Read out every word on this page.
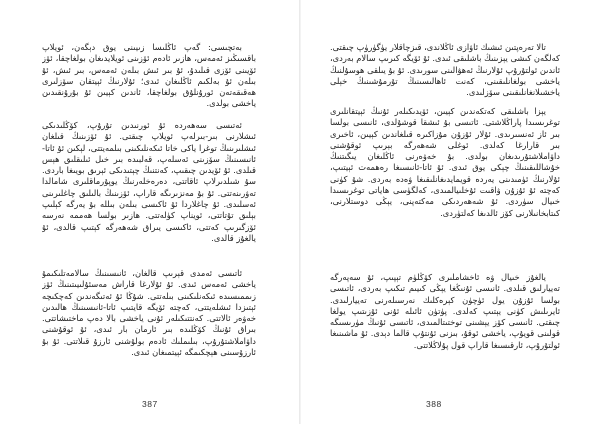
بەتچىسى: گەپ ئاڭلىسا زىيىنى يوق دېگەن، ئويلاپ باقسىڭىز ئەمەس، ھازىر ئادەم ئۆزىنى ئويلايدىغان بولغاچقا، ئۆز ئۆيىنى ئۆزى قىلىدۇ، ئۇ بىر ئىش بىلەن ئەمەس، بىر ئىش، ئۇ بىلەن ئۇ بەلكىم ئاڭلىغان ئىدى؛ ئۇلارنىڭ ئېيتقان سۆزلىرى ھەقىقەتەن ئورۇنلۇق بولغاچقا، ئاندىن كېيىن ئۇ بۇرۇنقىدىن ياخشى بولدى.

ئەتىسى سەھەردە ئۇ ئورنىدىن تۇرۇپ، كۆڭلىدىكى ئىشلارنى بىر-بىرلەپ ئويلاپ چىقتى. ئۇ ئۆزىنىڭ قىلغان ئىشلىرىنىڭ توغرا ياكى خاتا ئىكەنلىكىنى بىلمەيتتى، لېكىن ئۇ ئاتا-ئانىسىنىڭ سۆزىنى ئەسلەپ، قەلبىدە بىر خىل ئىلىقلىق ھېس قىلدى. ئۇ ئۆيدىن چىقىپ، كەنتنىڭ چېتىدىكى ئېرىق بويىغا باردى. سۇ شىلدىرلاپ ئاقاتتى، دەرەخلەرنىڭ يوپۇرماقلىرى شامالدا تەۋرىنەتتى. ئۇ بۇ مەنزىرىگە قاراپ، ئۆزىنىڭ بالىلىق چاغلىرىنى ئەسلىدى. ئۇ چاغلاردا ئۇ ئاكىسى بىلەن بىللە بۇ يەرگە كېلىپ بېلىق تۇتاتتى، ئويناپ كۈلەتتى. ھازىر بولسا ھەممە نەرسە ئۆزگىرىپ كەتتى، ئاكىسى يىراق شەھەرگە كېتىپ قالدى، ئۇ يالغۇز قالدى.

ئاتىسى ئەمدى قېرىپ قالغان، ئانىسىنىڭ سالامەتلىكىمۇ ياخشى ئەمەس ئىدى. ئۇ ئۇلارغا قاراش مەسئۇلىيىتىنىڭ ئۆز زىممىسىدە ئىكەنلىكىنى بىلەتتى. شۇڭا ئۇ ئەتىگەندىن كەچكىچە ئېتىزدا ئىشلەيتتى، كەچتە ئۆيگە قايتىپ ئاتا-ئانىسىنىڭ ھالىدىن خەۋەر ئالاتتى. كەنتتىكىلەر ئۇنى ياخشى بالا دەپ ماختىشاتتى. بىراق ئۇنىڭ كۆڭلىدە بىر ئارمان بار ئىدى، ئۇ ئوقۇشنى داۋاملاشتۇرۇپ، بىلىملىك ئادەم بولۇشنى ئارزۇ قىلاتتى. ئۇ بۇ ئارزۇسىنى ھېچكىمگە ئېيتمىغان ئىدى.

387

تالا تەرەپتىن ئىشىك ئاۋازى ئاڭلاندى، قىزچاقلار يۈگۈرۈپ چىقتى. كەلگەن كىشى يېزىنىڭ باشلىقى ئىدى. ئۇ ئۆيگە كىرىپ سالام بەردى، ئاندىن ئولتۇرۇپ ئۇلارنىڭ ئەھۋالىنى سورىدى. ئۇ بۇ يىلقى ھوسۇلنىڭ ياخشى بولغانلىقىنى، كەنت ئاھالىسىنىڭ تۇرمۇشىنىڭ خېلى ياخشىلانغانلىقىنى سۆزلىدى.

يېزا باشلىقى كەتكەندىن كېيىن، ئۆيدىكىلەر ئۇنىڭ ئېيتقانلىرى توغرىسىدا پاراڭلاشتى. ئاتىسى بۇ ئىشقا قوشۇلدى، ئانىسى بولسا بىر ئاز ئەنسىرىدى. ئۇلار ئۇزۇن مۇزاكىرە قىلغاندىن كېيىن، ئاخىرى بىر قارارغا كەلدى. ئوغلى شەھەرگە بېرىپ ئوقۇشنى داۋاملاشتۇرىدىغان بولدى. بۇ خەۋەرنى ئاڭلىغان يىگىتنىڭ خۇشاللىقىنىڭ چېكى يوق ئىدى. ئۇ ئاتا-ئانىسىغا رەھمەت ئېيتىپ، ئۇلارنىڭ ئۈمىدىنى يەردە قويمايدىغانلىقىغا ۋەدە بەردى. شۇ كۈنى كەچتە ئۇ ئۇزۇن ۋاقىت ئۇخلىيالمىدى، كەلگۈسى ھاياتى توغرىسىدا خىيال سۈردى. ئۇ شەھەردىكى مەكتەپنى، يېڭى دوستلارنى، كىتابخانىلارنى كۆز ئالدىغا كەلتۈردى.

يالغۇز خىيال ۋە ئاخشاملىرى كۆڭلۈم تېپىپ، ئۇ سەپەرگە تەييارلىق قىلدى. ئانىسى ئۇنىڭغا يېڭى كىيىم تىكىپ بەردى، ئاتىسى بولسا ئۇزۇن يول ئۈچۈن كېرەكلىك نەرسىلەرنى تەييارلىدى. ئايرىلىش كۈنى يېتىپ كەلدى. پۈتۈن ئائىلە ئۇنى ئۇزىتىپ يولغا چىقتى. ئانىسى كۆز يېشىنى توختىتالمىدى، ئاتىسى ئۇنىڭ مۈرىسىگە قولىنى قويۇپ، ياخشى ئوقۇ، بىزنى ئۇنتۇپ قالما دېدى. ئۇ ماشىنىغا ئولتۇرۇپ، ئارقىسىغا قاراپ قول پۇلاڭلاتتى.

388
